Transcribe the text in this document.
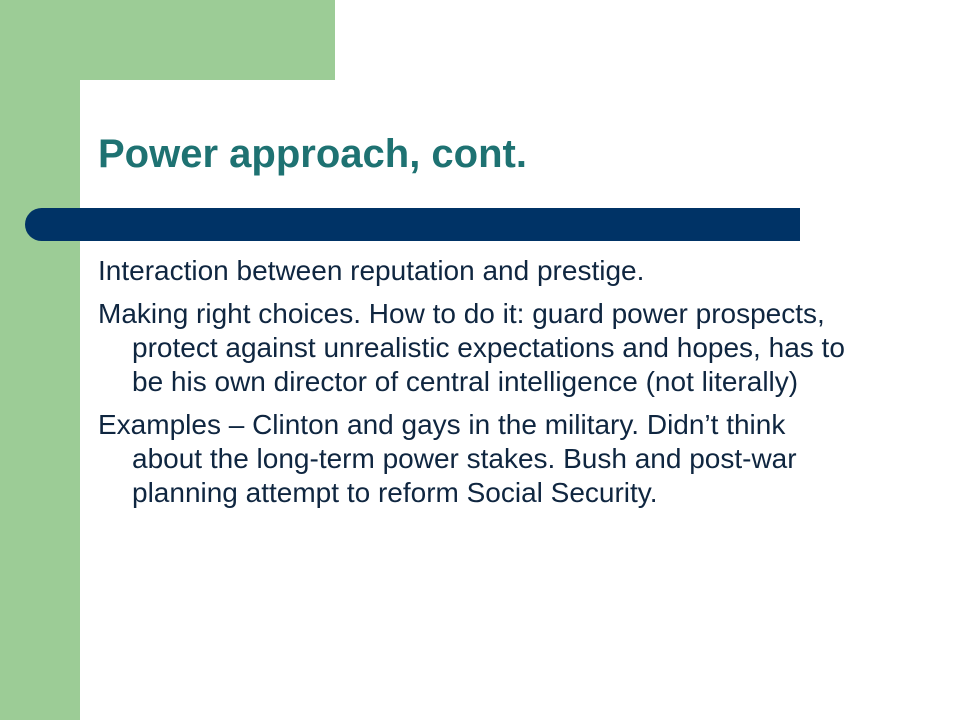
Power approach, cont.
Interaction between reputation and prestige.
Making right choices. How to do it: guard power prospects, protect against unrealistic expectations and hopes, has to be his own director of central intelligence (not literally)
Examples – Clinton and gays in the military. Didn’t think about the long-term power stakes. Bush and post-war planning attempt to reform Social Security.
